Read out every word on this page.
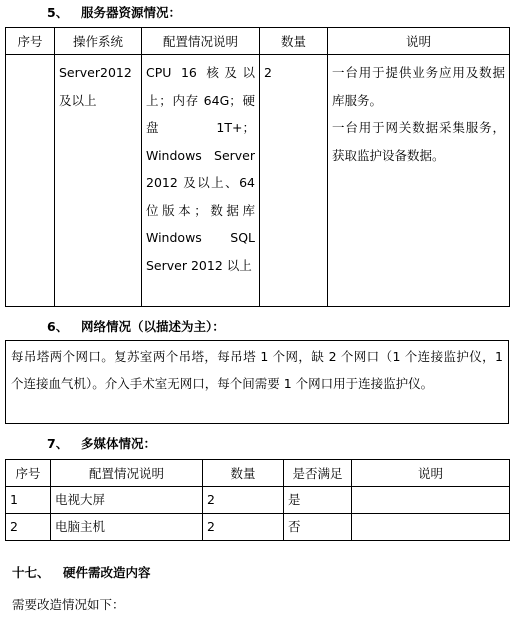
5、 服务器资源情况：
序号	操作系统	配置情况说明	数量	说明

	Server2012 及以上	CPU 16 核及以上；内存 64G；硬盘 1T+；Windows Server 2012 及以上、64 位版本；数据库 Windows SQL Server 2012 以上	2	一台用于提供业务应用及数据库服务。
一台用于网关数据采集服务，获取监护设备数据。
6、 网络情况（以描述为主）：
每吊塔两个网口。复苏室两个吊塔，每吊塔 1 个网，缺 2 个网口（1 个连接监护仪，1 个连接血气机）。介入手术室无网口，每个间需要 1 个网口用于连接监护仪。
7、 多媒体情况：
序号	配置情况说明	数量	是否满足	说明

1	电视大屏	2	是	

2	电脑主机	2	否	

十七、 硬件需改造内容
需要改造情况如下：
